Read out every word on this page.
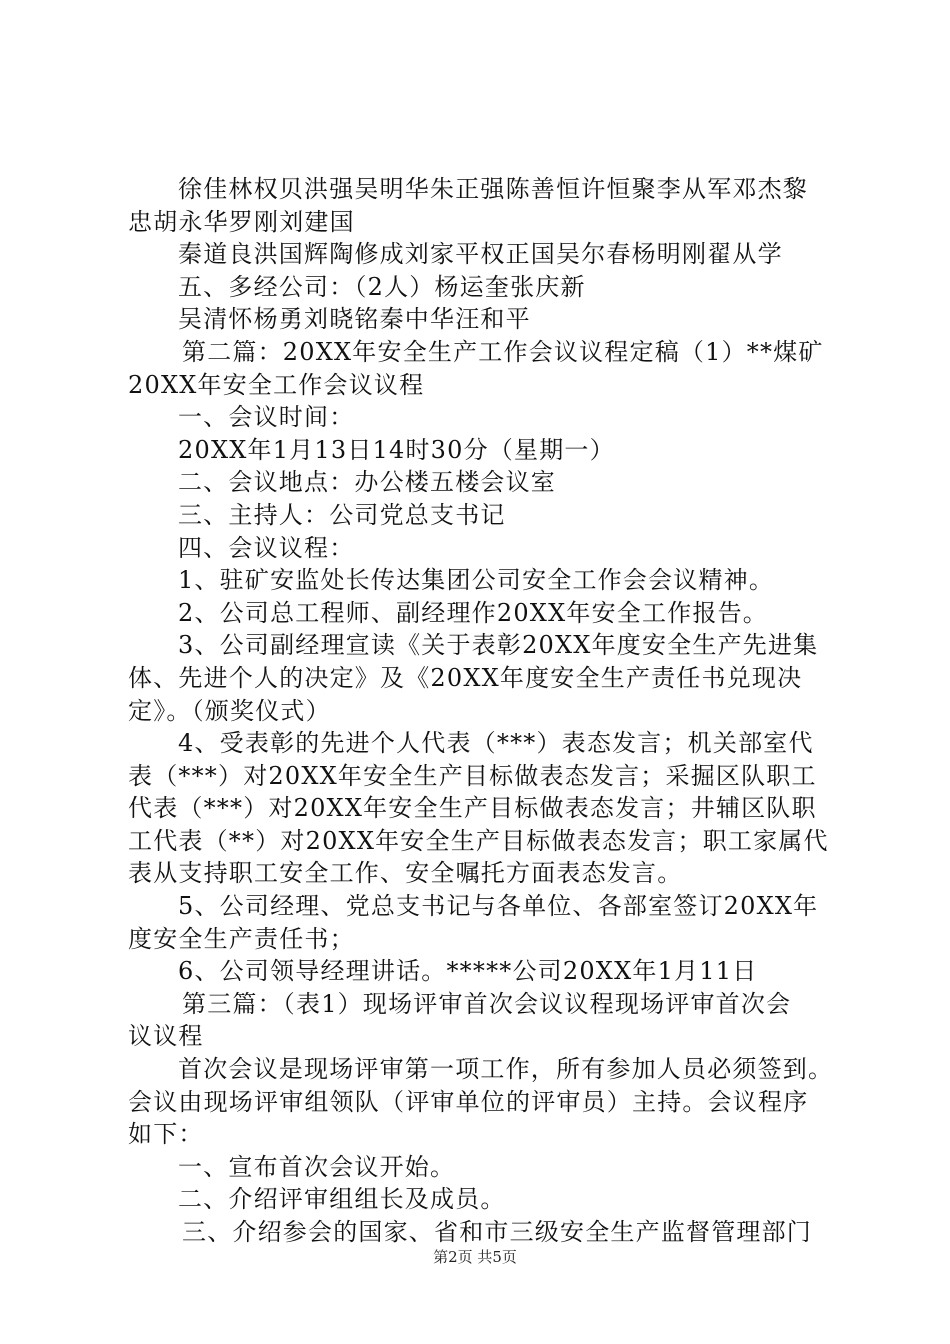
徐佳林权贝洪强吴明华朱正强陈善恒许恒聚李从军邓杰黎

忠胡永华罗刚刘建国

秦道良洪国辉陶修成刘家平权正国吴尔春杨明刚翟从学

五、多经公司：（2人）杨运奎张庆新

吴清怀杨勇刘晓铭秦中华汪和平

第二篇：20XX年安全生产工作会议议程定稿（1）**煤矿

20XX年安全工作会议议程

一、会议时间：

20XX年1月13日14时30分（星期一）

二、会议地点：办公楼五楼会议室

三、主持人：公司党总支书记

四、会议议程：

1、驻矿安监处长传达集团公司安全工作会会议精神。

2、公司总工程师、副经理作20XX年安全工作报告。

3、公司副经理宣读《关于表彰20XX年度安全生产先进集

体、先进个人的决定》及《20XX年度安全生产责任书兑现决

定》。（颁奖仪式）

4、受表彰的先进个人代表（***）表态发言；机关部室代

表（***）对20XX年安全生产目标做表态发言；采掘区队职工

代表（***）对20XX年安全生产目标做表态发言；井辅区队职

工代表（**）对20XX年安全生产目标做表态发言；职工家属代

表从支持职工安全工作、安全嘱托方面表态发言。

5、公司经理、党总支书记与各单位、各部室签订20XX年

度安全生产责任书；

6、公司领导经理讲话。*****公司20XX年1月11日

第三篇：（表1）现场评审首次会议议程现场评审首次会

议议程

首次会议是现场评审第一项工作，所有参加人员必须签到。

会议由现场评审组领队（评审单位的评审员）主持。会议程序

如下：

一、宣布首次会议开始。

二、介绍评审组组长及成员。

三、介绍参会的国家、省和市三级安全生产监督管理部门

第2页 共5页
